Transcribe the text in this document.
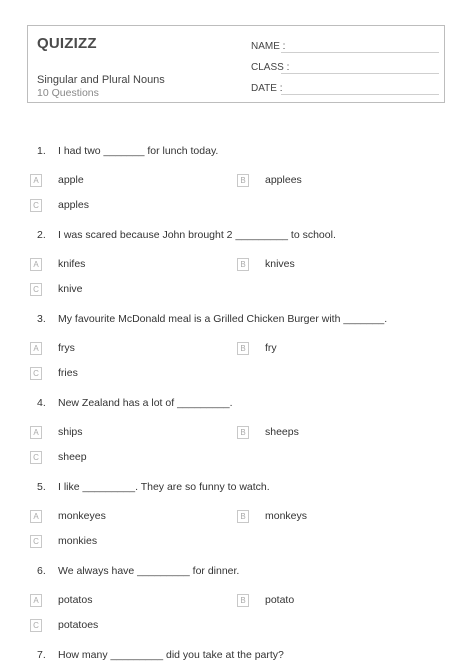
QUIZIZZ
Singular and Plural Nouns
10 Questions
NAME :
CLASS :
DATE :
1. I had two _______ for lunch today.
A	apple	B	applees
C apples
2. I was scared because John brought 2 _________ to school.
A	knifes	B	knives
C knive
3. My favourite McDonald meal is a Grilled Chicken Burger with _______.
A	frys	B	fry
C fries
4. New Zealand has a lot of _________.
A	ships	B	sheeps
C sheep
5. I like _________. They are so funny to watch.
A	monkeyes	B	monkeys
C monkies
6. We always have _________ for dinner.
A	potatos	B	potato
C potatoes
7. How many _________ did you take at the party?
